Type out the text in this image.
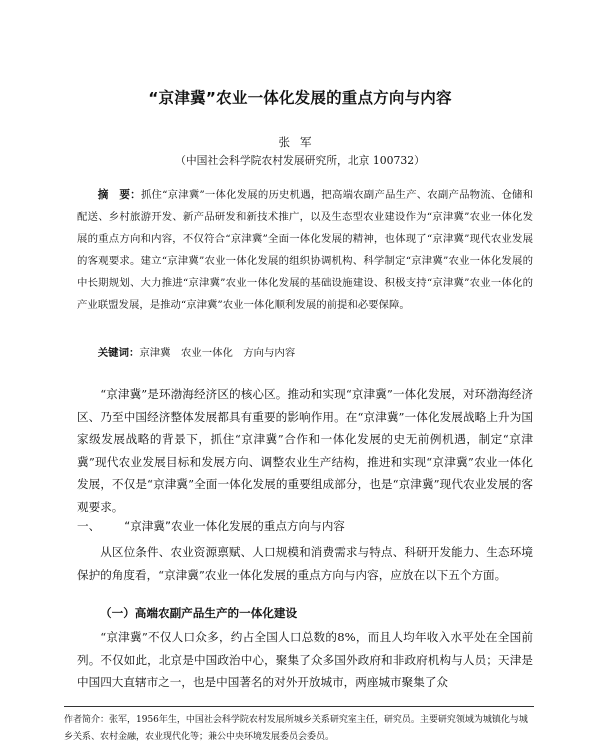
“京津冀”农业一体化发展的重点方向与内容
张军
（中国社会科学院农村发展研究所，北京 100732）
摘　要：抓住“京津冀”一体化发展的历史机遇，把高端农副产品生产、农副产品物流、仓储和配送、乡村旅游开发、新产品研发和新技术推广，以及生态型农业建设作为“京津冀”农业一体化发展的重点方向和内容，不仅符合“京津冀”全面一体化发展的精神，也体现了“京津冀”现代农业发展的客观要求。建立“京津冀”农业一体化发展的组织协调机构、科学制定“京津冀”农业一体化发展的中长期规划、大力推进“京津冀”农业一体化发展的基础设施建设、积极支持“京津冀”农业一体化的产业联盟发展，是推动“京津冀”农业一体化顺利发展的前提和必要保障。
关键词：京津冀　农业一体化　方向与内容
“京津冀”是环渤海经济区的核心区。推动和实现“京津冀”一体化发展，对环渤海经济区、乃至中国经济整体发展都具有重要的影响作用。在“京津冀”一体化发展战略上升为国家级发展战略的背景下，抓住“京津冀”合作和一体化发展的史无前例机遇，制定“京津冀”现代农业发展目标和发展方向、调整农业生产结构，推进和实现“京津冀”农业一体化发展，不仅是“京津冀”全面一体化发展的重要组成部分，也是“京津冀”现代农业发展的客观要求。
一、 “京津冀”农业一体化发展的重点方向与内容
从区位条件、农业资源禀赋、人口规模和消费需求与特点、科研开发能力、生态环境保护的角度看，“京津冀”农业一体化发展的重点方向与内容，应放在以下五个方面。
（一）高端农副产品生产的一体化建设
“京津冀”不仅人口众多，约占全国人口总数的8%，而且人均年收入水平处在全国前列。不仅如此，北京是中国政治中心，聚集了众多国外政府和非政府机构与人员；天津是中国四大直辖市之一，也是中国著名的对外开放城市，两座城市聚集了众
作者简介：张军，1956年生，中国社会科学院农村发展所城乡关系研究室主任，研究员。主要研究领域为城镇化与城乡关系、农村金融，农业现代化等；兼公中央环境发展委员会委员。
